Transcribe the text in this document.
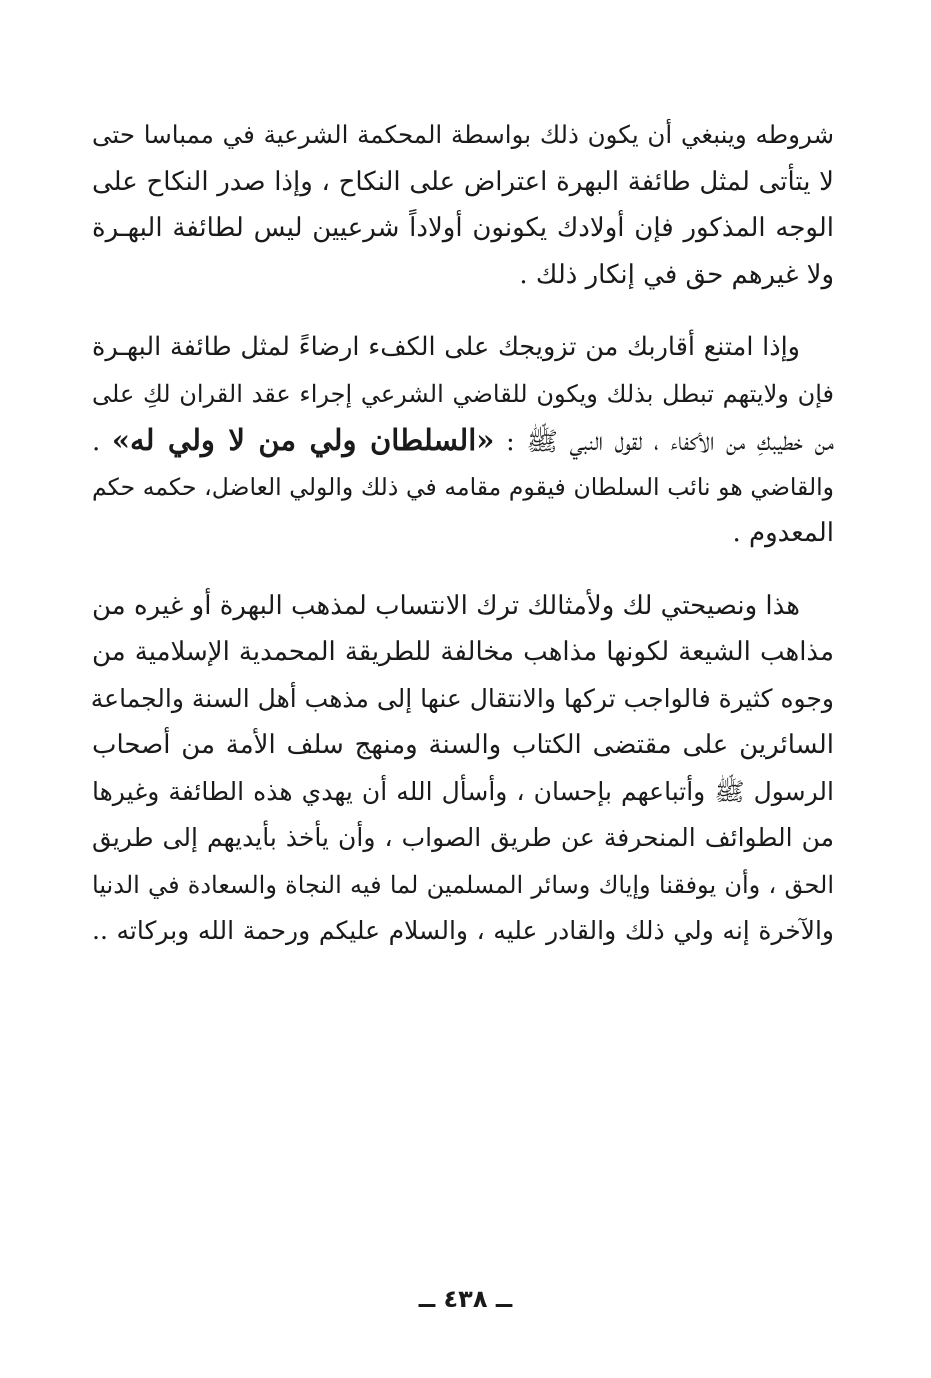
شروطه وينبغي أن يكون ذلك بواسطة المحكمة الشرعية في ممباسا حتى
لا يتأتى لمثل طائفة البهرة اعتراض على النكاح ، وإذا صدر النكاح على
الوجه المذكور فإن أولادك يكونون أولاداً شرعيين ليس لطائفة البهـرة
ولا غيرهم حق في إنكار ذلك .

وإذا امتنع أقاربك من تزويجك على الكفء ارضاءً لمثل طائفة البهـرة
فإن ولايتهم تبطل بذلك ويكون للقاضي الشرعي إجراء عقد القران لكِ على
من خطيبكِ من الأكفاء ، لقول النبي ﷺ : «السلطان ولي من لا ولي له» .
والقاضي هو نائب السلطان فيقوم مقامه في ذلك والولي العاضل، حكمه حكم
المعدوم .

هذا ونصيحتي لك ولأمثالك ترك الانتساب لمذهب البهرة أو غيره من
مذاهب الشيعة لكونها مذاهب مخالفة للطريقة المحمدية الإسلامية من
وجوه كثيرة فالواجب تركها والانتقال عنها إلى مذهب أهل السنة والجماعة
السائرين على مقتضى الكتاب والسنة ومنهج سلف الأمة من أصحاب
الرسول ﷺ وأتباعهم بإحسان ، وأسأل الله أن يهدي هذه الطائفة وغيرها
من الطوائف المنحرفة عن طريق الصواب ، وأن يأخذ بأيديهم إلى طريق
الحق ، وأن يوفقنا وإياك وسائر المسلمين لما فيه النجاة والسعادة في الدنيا
والآخرة إنه ولي ذلك والقادر عليه ، والسلام عليكم ورحمة الله وبركاته ..

ــ ٤٣٨ ــ
